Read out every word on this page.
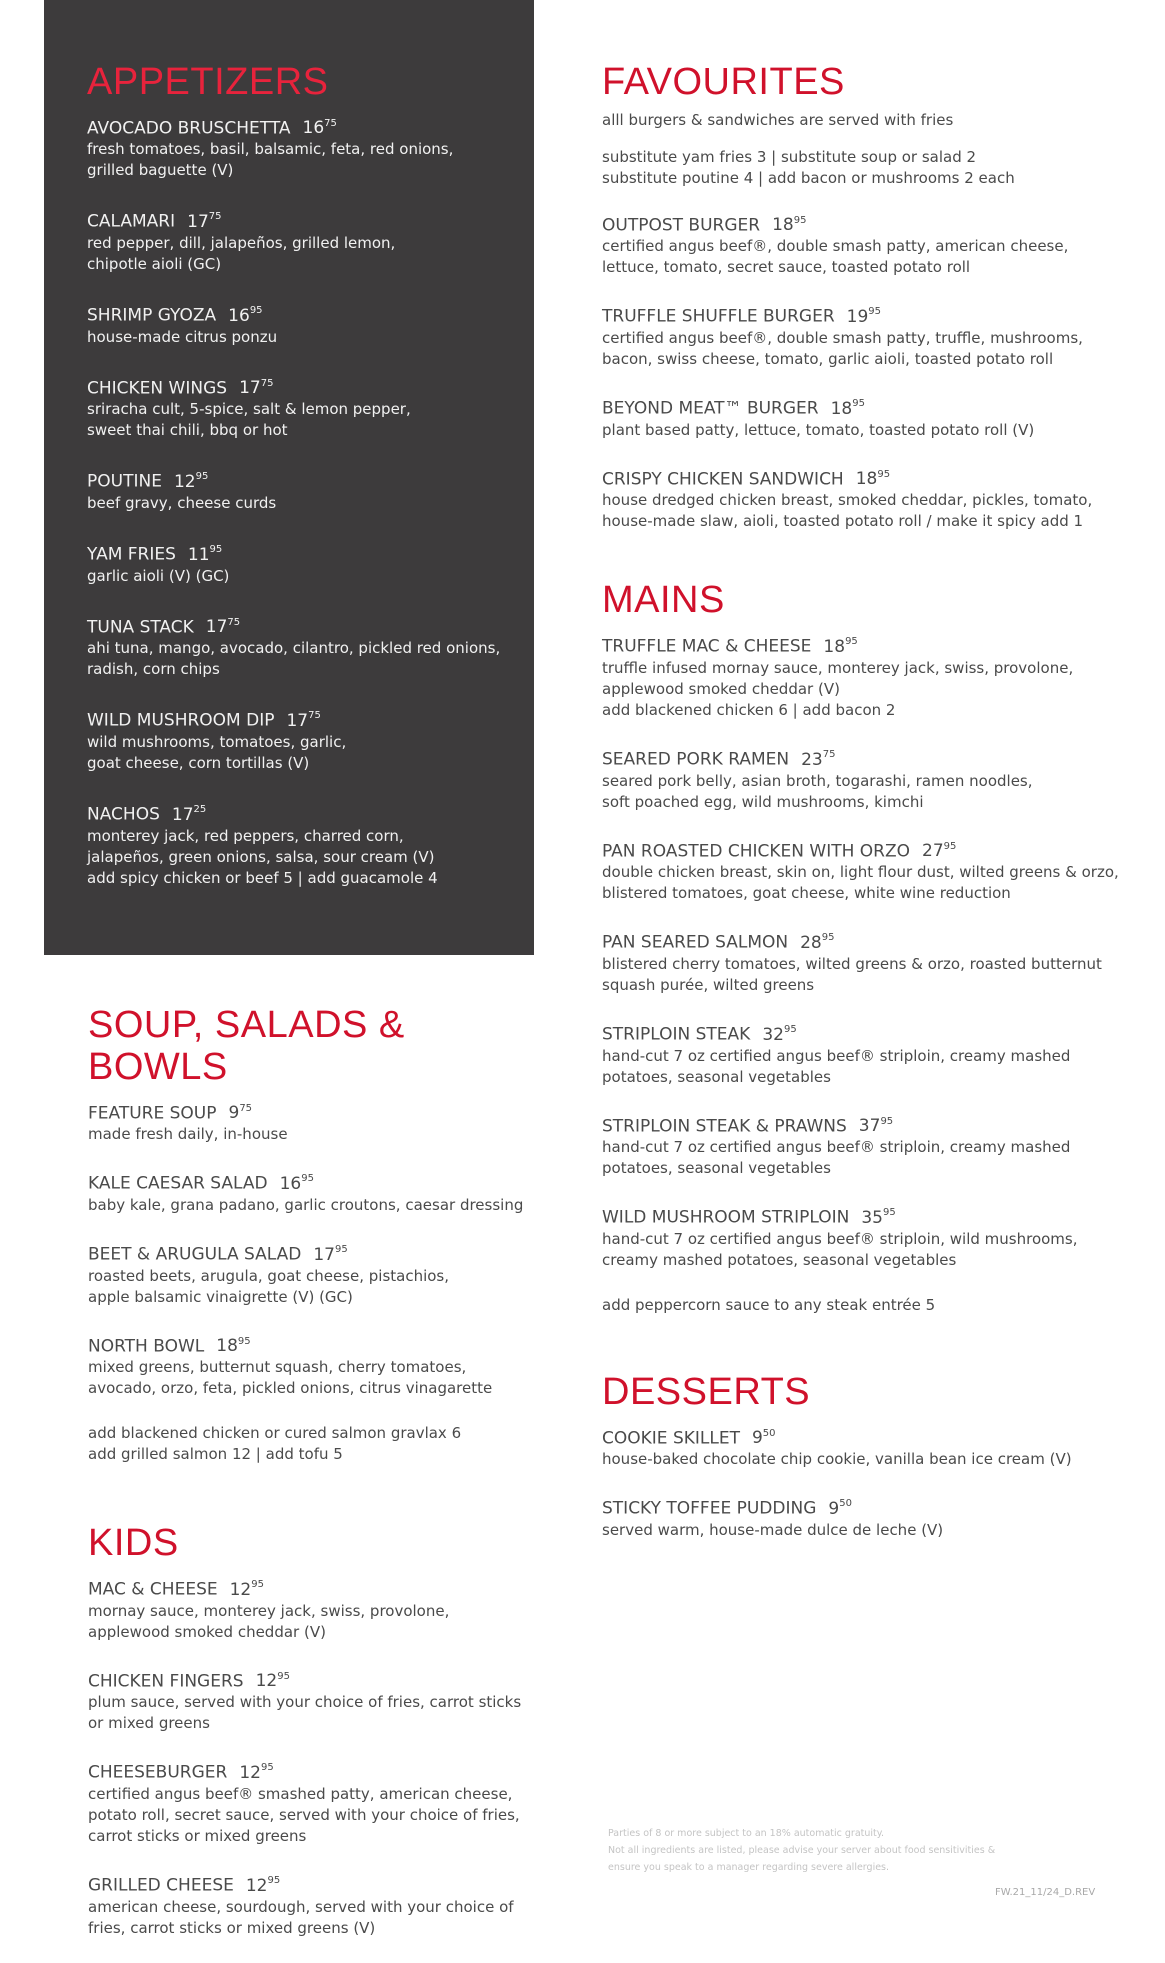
APPETIZERS
AVOCADO BRUSCHETTA $16^{75}$
fresh tomatoes, basil, balsamic, feta, red onions,
grilled baguette (V)
CALAMARI $17^{75}$
red pepper, dill, jalapeños, grilled lemon,
chipotle aioli (GC)
SHRIMP GYOZA $16^{95}$
house-made citrus ponzu
CHICKEN WINGS $17^{75}$
sriracha cult, 5-spice, salt & lemon pepper,
sweet thai chili, bbq or hot
POUTINE $12^{95}$
beef gravy, cheese curds
YAM FRIES $11^{95}$
garlic aioli (V) (GC)
TUNA STACK $17^{75}$
ahi tuna, mango, avocado, cilantro, pickled red onions,
radish, corn chips
WILD MUSHROOM DIP $17^{75}$
wild mushrooms, tomatoes, garlic,
goat cheese, corn tortillas (V)
NACHOS $17^{25}$
monterey jack, red peppers, charred corn,
jalapeños, green onions, salsa, sour cream (V)
add spicy chicken or beef 5 | add guacamole 4
SOUP, SALADS & BOWLS
FEATURE SOUP $9^{75}$
made fresh daily, in-house
KALE CAESAR SALAD $16^{95}$
baby kale, grana padano, garlic croutons, caesar dressing
BEET & ARUGULA SALAD $17^{95}$
roasted beets, arugula, goat cheese, pistachios,
apple balsamic vinaigrette (V) (GC)
NORTH BOWL $18^{95}$
mixed greens, butternut squash, cherry tomatoes,
avocado, orzo, feta, pickled onions, citrus vinagarette
add blackened chicken or cured salmon gravlax 6
add grilled salmon 12 | add tofu 5
KIDS
MAC & CHEESE $12^{95}$
mornay sauce, monterey jack, swiss, provolone,
applewood smoked cheddar (V)
CHICKEN FINGERS $12^{95}$
plum sauce, served with your choice of fries, carrot sticks
or mixed greens
CHEESEBURGER $12^{95}$
certified angus beef® smashed patty, american cheese,
potato roll, secret sauce, served with your choice of fries,
carrot sticks or mixed greens
GRILLED CHEESE $12^{95}$
american cheese, sourdough, served with your choice of
fries, carrot sticks or mixed greens (V)
FAVOURITES
alll burgers & sandwiches are served with fries
substitute yam fries 3 | substitute soup or salad 2
substitute poutine 4 | add bacon or mushrooms 2 each
OUTPOST BURGER $18^{95}$
certified angus beef®, double smash patty, american cheese,
lettuce, tomato, secret sauce, toasted potato roll
TRUFFLE SHUFFLE BURGER $19^{95}$
certified angus beef®, double smash patty, truffle, mushrooms,
bacon, swiss cheese, tomato, garlic aioli, toasted potato roll
BEYOND MEAT™ BURGER $18^{95}$
plant based patty, lettuce, tomato, toasted potato roll (V)
CRISPY CHICKEN SANDWICH $18^{95}$
house dredged chicken breast, smoked cheddar, pickles, tomato,
house-made slaw, aioli, toasted potato roll / make it spicy add 1
MAINS
TRUFFLE MAC & CHEESE $18^{95}$
truffle infused mornay sauce, monterey jack, swiss, provolone,
applewood smoked cheddar (V)
add blackened chicken 6 | add bacon 2
SEARED PORK RAMEN $23^{75}$
seared pork belly, asian broth, togarashi, ramen noodles,
soft poached egg, wild mushrooms, kimchi
PAN ROASTED CHICKEN WITH ORZO $27^{95}$
double chicken breast, skin on, light flour dust, wilted greens & orzo,
blistered tomatoes, goat cheese, white wine reduction
PAN SEARED SALMON $28^{95}$
blistered cherry tomatoes, wilted greens & orzo, roasted butternut
squash purée, wilted greens
STRIPLOIN STEAK $32^{95}$
hand-cut 7 oz certified angus beef® striploin, creamy mashed
potatoes, seasonal vegetables
STRIPLOIN STEAK & PRAWNS $37^{95}$
hand-cut 7 oz certified angus beef® striploin, creamy mashed
potatoes, seasonal vegetables
WILD MUSHROOM STRIPLOIN $35^{95}$
hand-cut 7 oz certified angus beef® striploin, wild mushrooms,
creamy mashed potatoes, seasonal vegetables
add peppercorn sauce to any steak entrée 5
DESSERTS
COOKIE SKILLET $9^{50}$
house-baked chocolate chip cookie, vanilla bean ice cream (V)
STICKY TOFFEE PUDDING $9^{50}$
served warm, house-made dulce de leche (V)
Parties of 8 or more subject to an 18% automatic gratuity.
Not all ingredients are listed, please advise your server about food sensitivities &
ensure you speak to a manager regarding severe allergies.
FW.21_11/24_D.REV
